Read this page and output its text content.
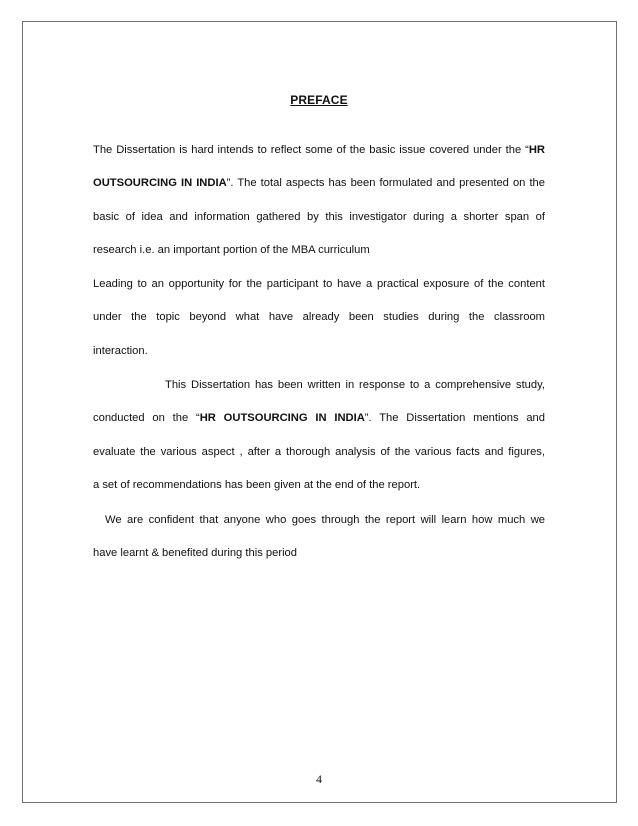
PREFACE
The Dissertation is hard intends to reflect some of the basic issue covered under the “HR
OUTSOURCING IN INDIA”. The total aspects has been formulated and presented on the
basic of idea and information gathered by this investigator during a shorter span of
research i.e. an important portion of the MBA curriculum
Leading to an opportunity for the participant to have a practical exposure of the content
under the topic beyond what have already been studies during the classroom
interaction.
This Dissertation has been written in response to a comprehensive study,
conducted on the “HR OUTSOURCING IN INDIA”. The Dissertation mentions and
evaluate the various aspect , after a thorough analysis of the various facts and figures,
a set of recommendations has been given at the end of the report.
We are confident that anyone who goes through the report will learn how much we
have learnt & benefited during this period
4
